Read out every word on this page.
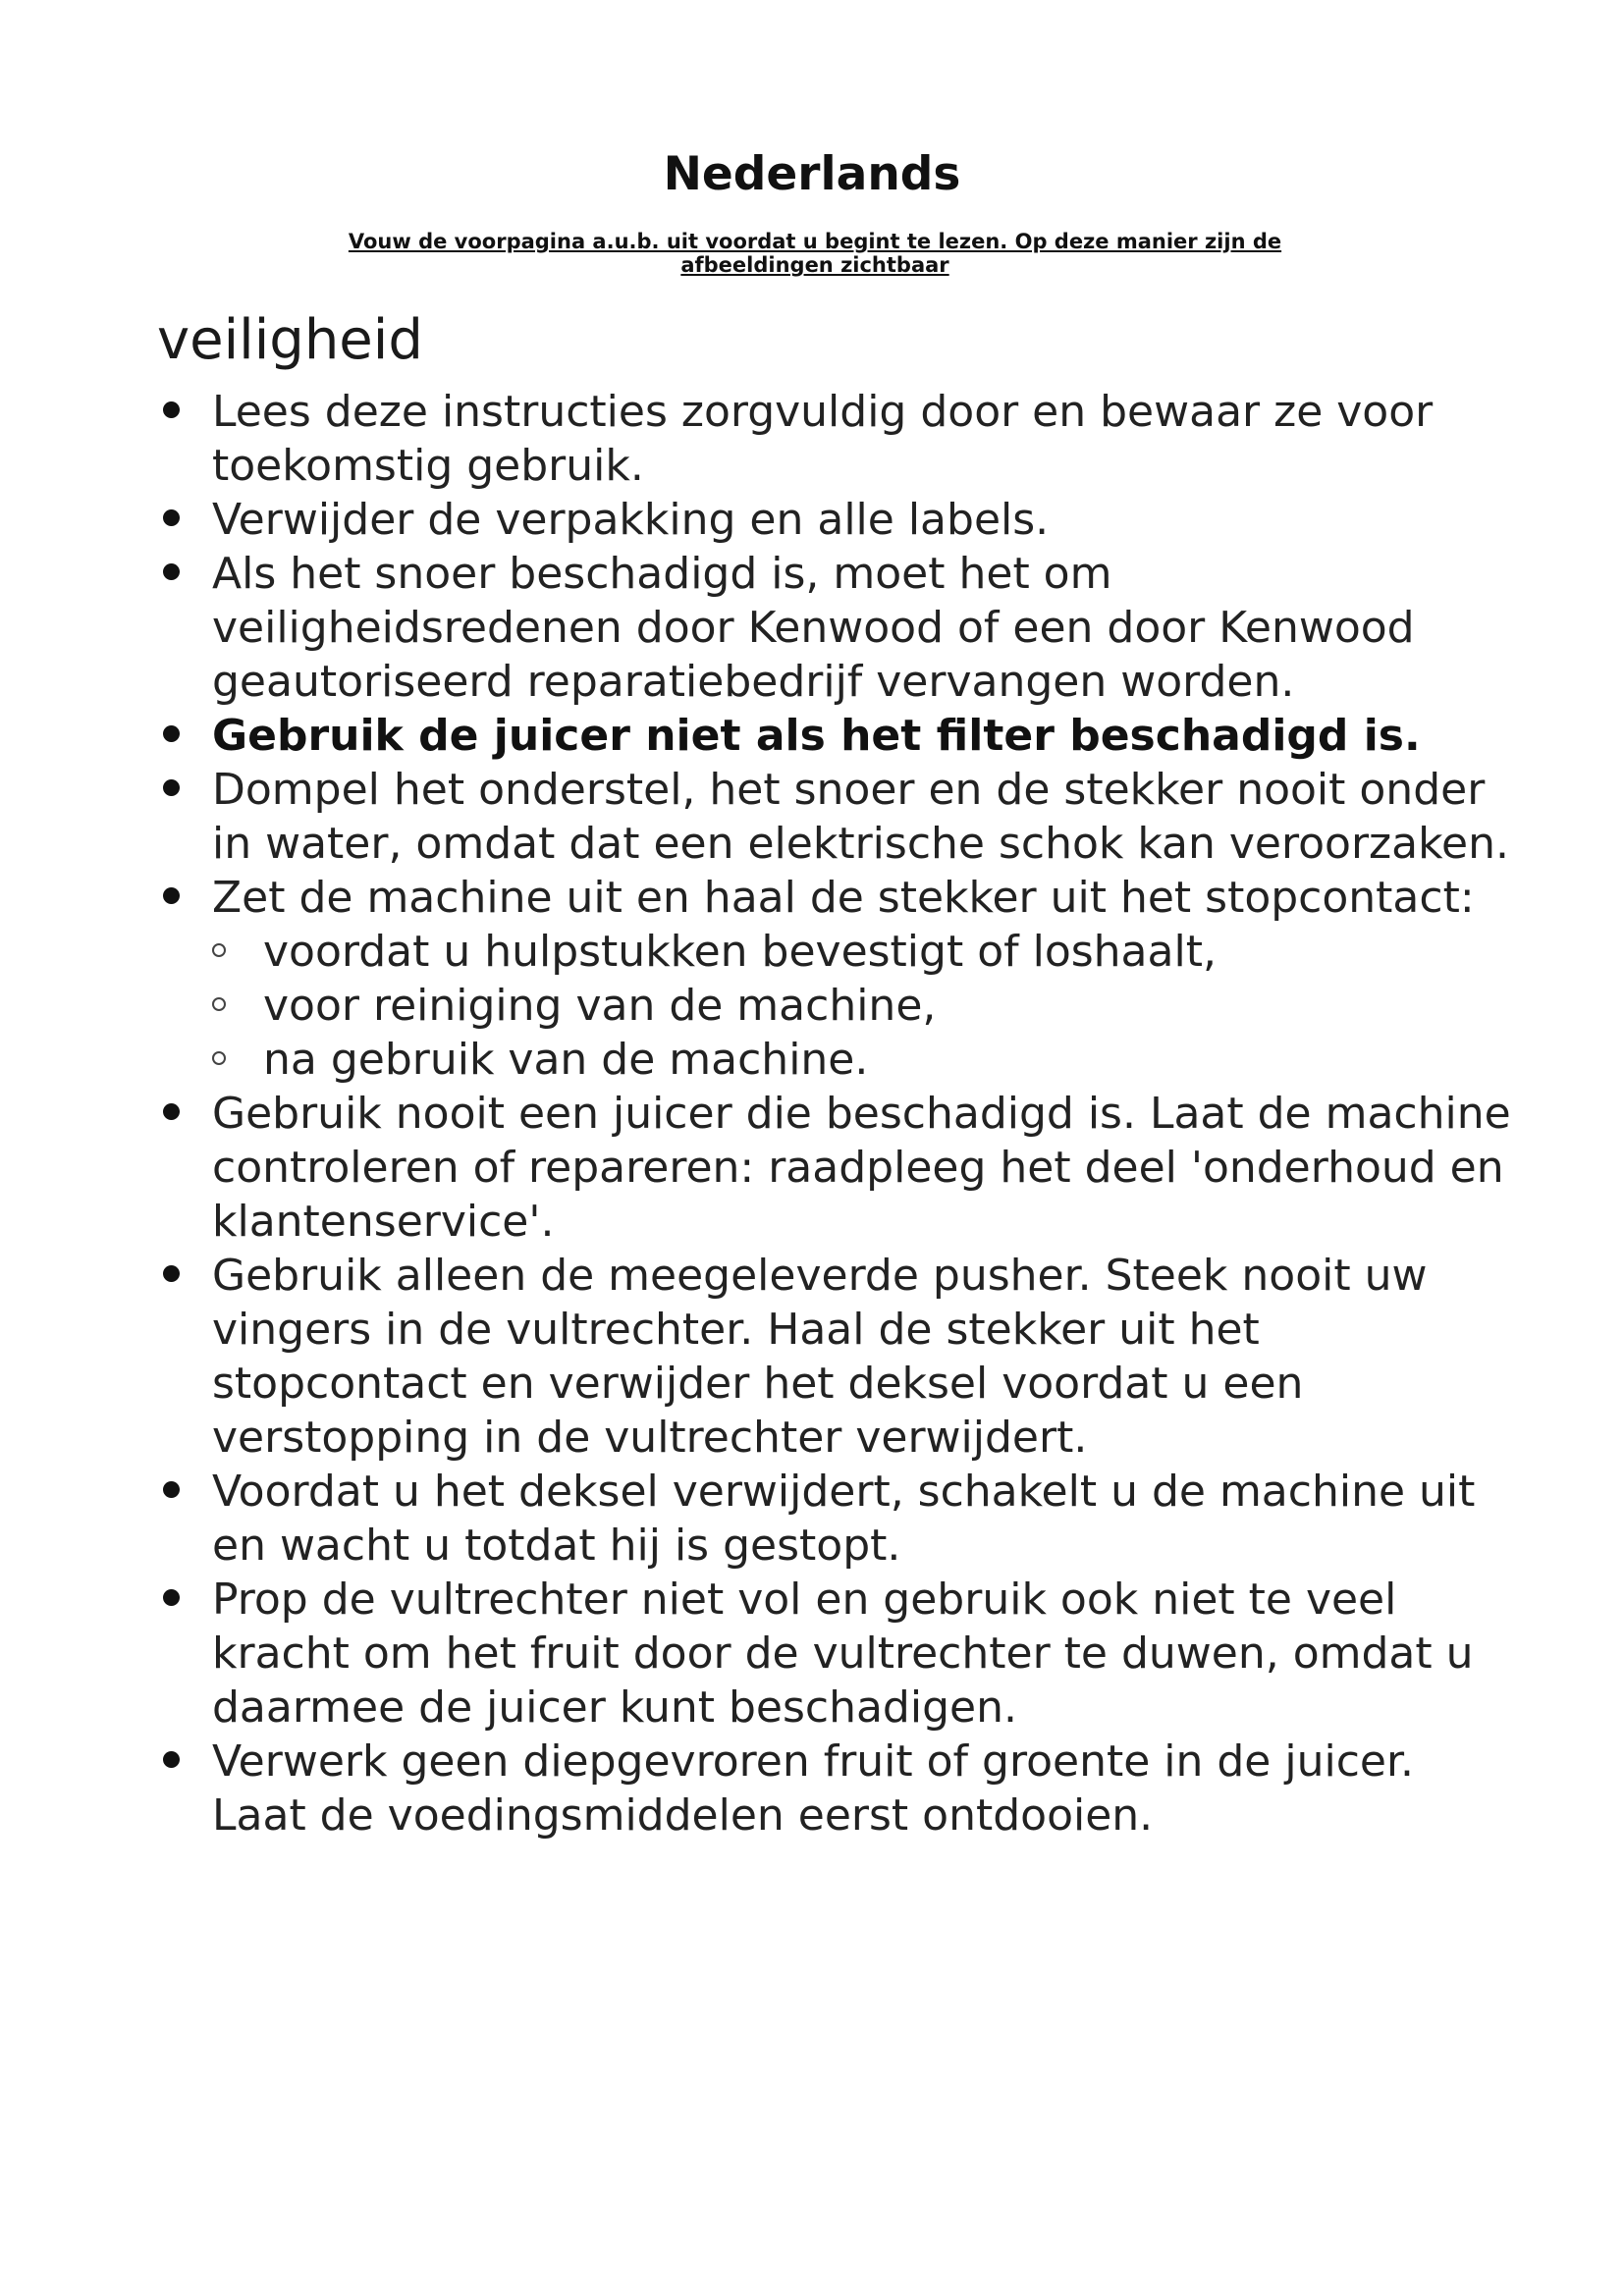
Nederlands

Vouw de voorpagina a.u.b. uit voordat u begint te lezen. Op deze manier zijn de afbeeldingen zichtbaar

veiligheid
Lees deze instructies zorgvuldig door en bewaar ze voor toekomstig gebruik.
Verwijder de verpakking en alle labels.
Als het snoer beschadigd is, moet het om veiligheidsredenen door Kenwood of een door Kenwood geautoriseerd reparatiebedrijf vervangen worden.
Gebruik de juicer niet als het filter beschadigd is.
Dompel het onderstel, het snoer en de stekker nooit onder in water, omdat dat een elektrische schok kan veroorzaken.
Zet de machine uit en haal de stekker uit het stopcontact:
voordat u hulpstukken bevestigt of loshaalt,
voor reiniging van de machine,
na gebruik van de machine.
Gebruik nooit een juicer die beschadigd is. Laat de machine controleren of repareren: raadpleeg het deel 'onderhoud en klantenservice'.
Gebruik alleen de meegeleverde pusher. Steek nooit uw vingers in de vultrechter. Haal de stekker uit het stopcontact en verwijder het deksel voordat u een verstopping in de vultrechter verwijdert.
Voordat u het deksel verwijdert, schakelt u de machine uit en wacht u totdat hij is gestopt.
Prop de vultrechter niet vol en gebruik ook niet te veel kracht om het fruit door de vultrechter te duwen, omdat u daarmee de juicer kunt beschadigen.
Verwerk geen diepgevroren fruit of groente in de juicer. Laat de voedingsmiddelen eerst ontdooien.
